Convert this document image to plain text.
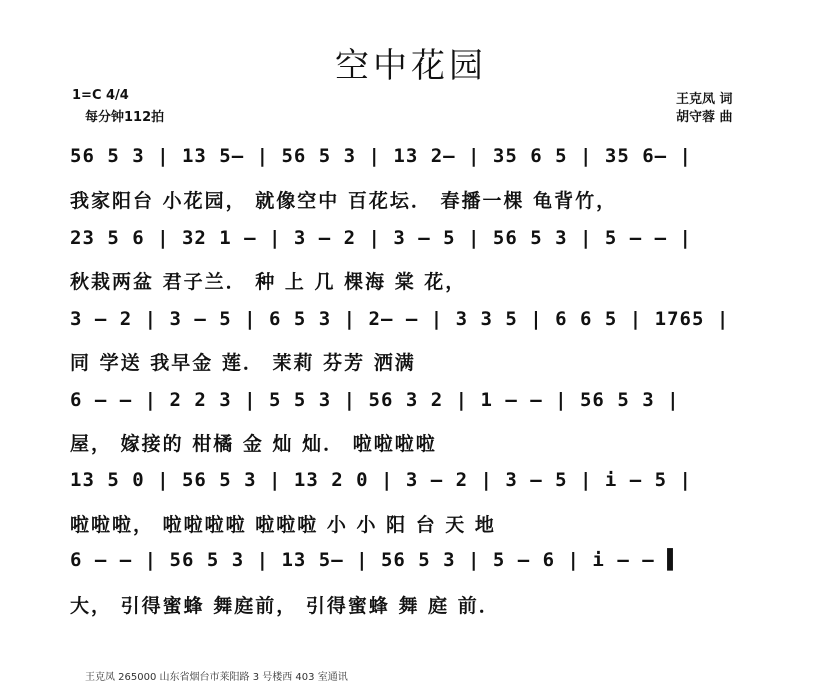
空中花园
1=C 4/4
每分钟112拍
王克凤 词
胡守蓉 曲
56 5 3 | 13 5— | 56 5 3 | 13 2— | 35 6 5 | 35 6— |
我家阳台 小花园， 就像空中 百花坛． 春播一棵 龟背竹，
23 5 6 | 32 1 — | 3 — 2 | 3 — 5 | 56 5 3 | 5 — — |
秋栽两盆 君子兰． 种 上 几 棵海 棠 花，
3 — 2 | 3 — 5 | 6 5 3 | 2— — | 3 3 5 | 6 6 5 | 1765 |
同 学送 我早金 莲． 茉莉 芬芳 洒满
6 — — | 2 2 3 | 5 5 3 | 56 3 2 | 1 — — | 56 5 3 |
屋， 嫁接的 柑橘 金 灿 灿． 啦啦啦啦
13 5 0 | 56 5 3 | 13 2 0 | 3 — 2 | 3 — 5 | i — 5 |
啦啦啦， 啦啦啦啦 啦啦啦 小 小 阳 台 天 地
6 — — | 56 5 3 | 13 5— | 56 5 3 | 5 — 6 | i — — ▌
大， 引得蜜蜂 舞庭前， 引得蜜蜂 舞 庭 前．
王克凤 265000 山东省烟台市莱阳路 3 号楼西 403 室通讯
